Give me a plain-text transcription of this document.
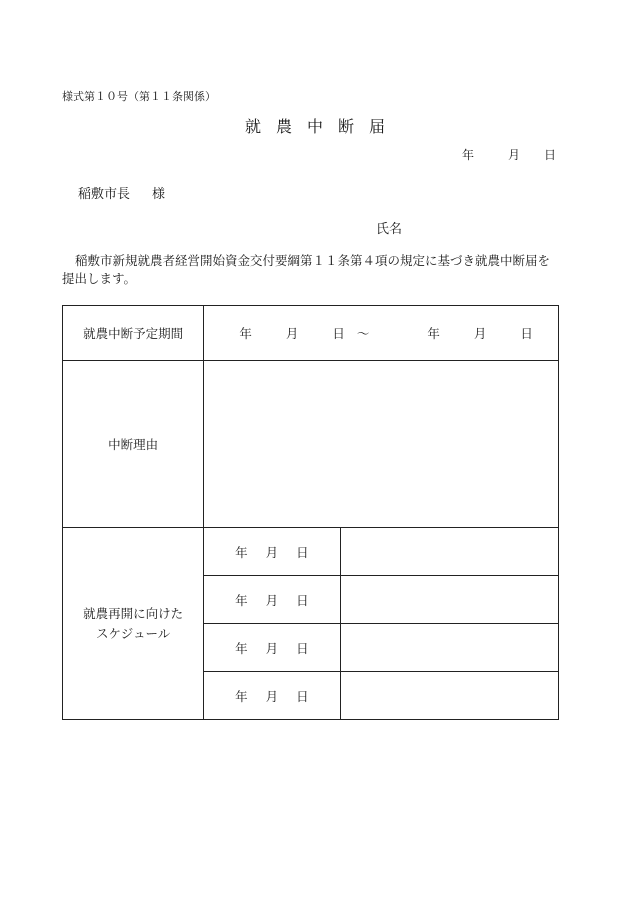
様式第１０号（第１１条関係）
就農中断届
年	月 日
稲敷市長 様
氏名
稲敷市新規就農者経営開始資金交付要綱第１１条第４項の規定に基づき就農中断届を提出します。
就農中断予定期間	年 月 日 ～ 年 月 日	
中断理由		
就農再開に向けた
スケジュール	年 月 日	
	年 月 日	
	年 月 日	
	年 月 日	
